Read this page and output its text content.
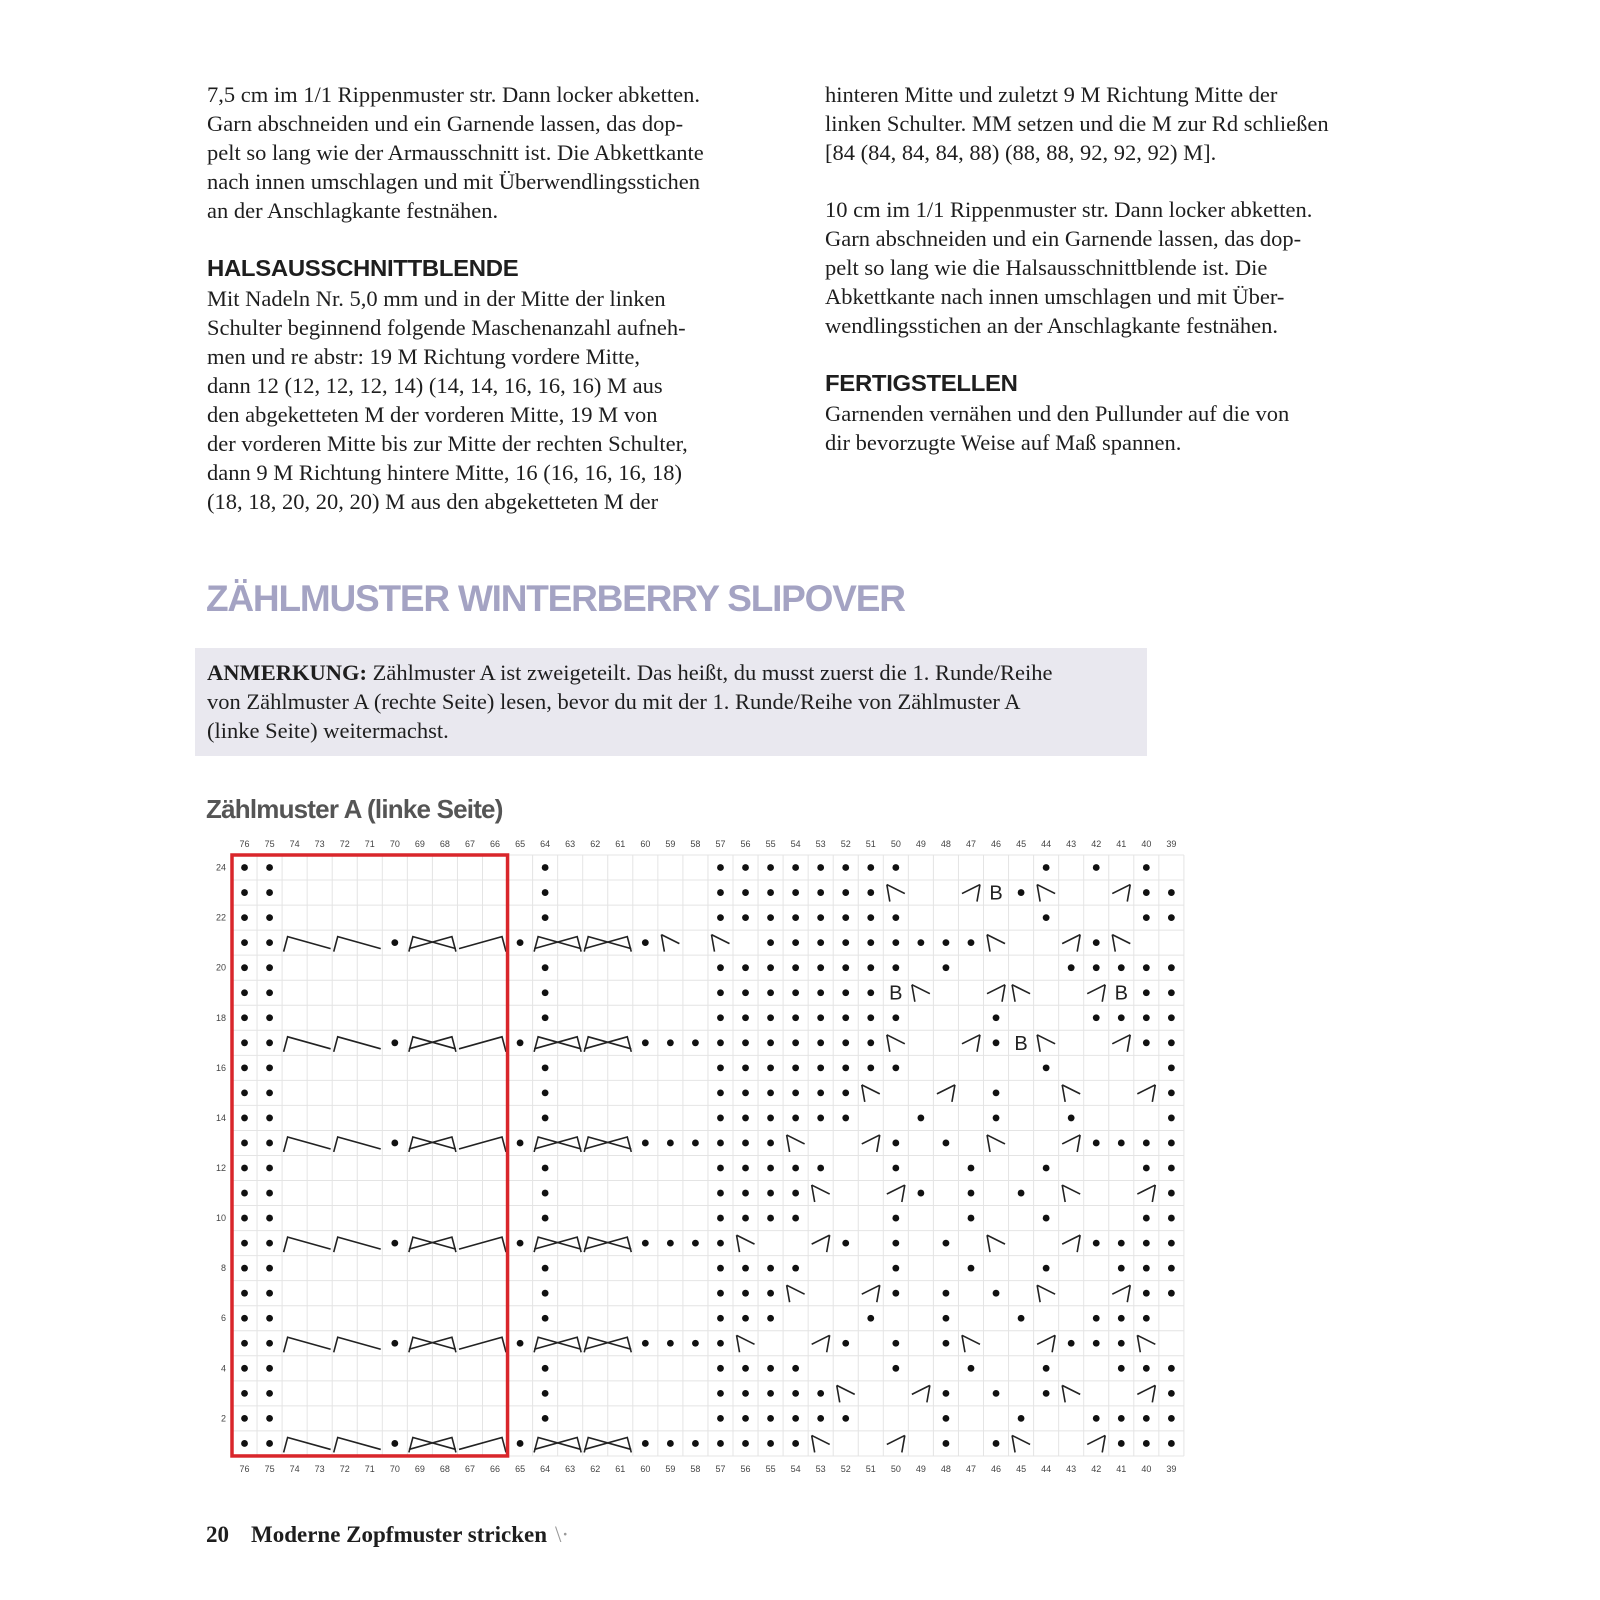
7,5 cm im 1/1 Rippenmuster str. Dann locker abketten.
Garn abschneiden und ein Garnende lassen, das dop-
pelt so lang wie der Armausschnitt ist. Die Abkettkante
nach innen umschlagen und mit Überwendlingsstichen
an der Anschlagkante festnähen.

HALSAUSSCHNITTBLENDE

Mit Nadeln Nr. 5,0 mm und in der Mitte der linken
Schulter beginnend folgende Maschenanzahl aufneh-
men und re abstr: 19 M Richtung vordere Mitte,
dann 12 (12, 12, 12, 14) (14, 14, 16, 16, 16) M aus
den abgeketteten M der vorderen Mitte, 19 M von
der vorderen Mitte bis zur Mitte der rechten Schulter,
dann 9 M Richtung hintere Mitte, 16 (16, 16, 16, 18)
(18, 18, 20, 20, 20) M aus den abgeketteten M der

hinteren Mitte und zuletzt 9 M Richtung Mitte der
linken Schulter. MM setzen und die M zur Rd schließen
[84 (84, 84, 84, 88) (88, 88, 92, 92, 92) M].

10 cm im 1/1 Rippenmuster str. Dann locker abketten.
Garn abschneiden und ein Garnende lassen, das dop-
pelt so lang wie die Halsausschnittblende ist. Die
Abkettkante nach innen umschlagen und mit Über-
wendlingsstichen an der Anschlagkante festnähen.

FERTIGSTELLEN

Garnenden vernähen und den Pullunder auf die von
dir bevorzugte Weise auf Maß spannen.

ZÄHLMUSTER WINTERBERRY SLIPOVER
ANMERKUNG: Zählmuster A ist zweigeteilt. Das heißt, du musst zuerst die 1. Runde/Reihe
von Zählmuster A (rechte Seite) lesen, bevor du mit der 1. Runde/Reihe von Zählmuster A
(linke Seite) weitermachst.
Zählmuster A (linke Seite)
76
76
75
75
74
74
73
73
72
72
71
71
70
70
69
69
68
68
67
67
66
66
65
65
64
64
63
63
62
62
61
61
60
60
59
59
58
58
57
57
56
56
55
55
54
54
53
53
52
52
51
51
50
50
49
49
48
48
47
47
46
46
45
45
44
44
43
43
42
42
41
41
40
40
39
39
2
4
6
8
10
12
14
16
18
20
22
24
B
B	B
B
20 Moderne Zopfmuster stricken \·
